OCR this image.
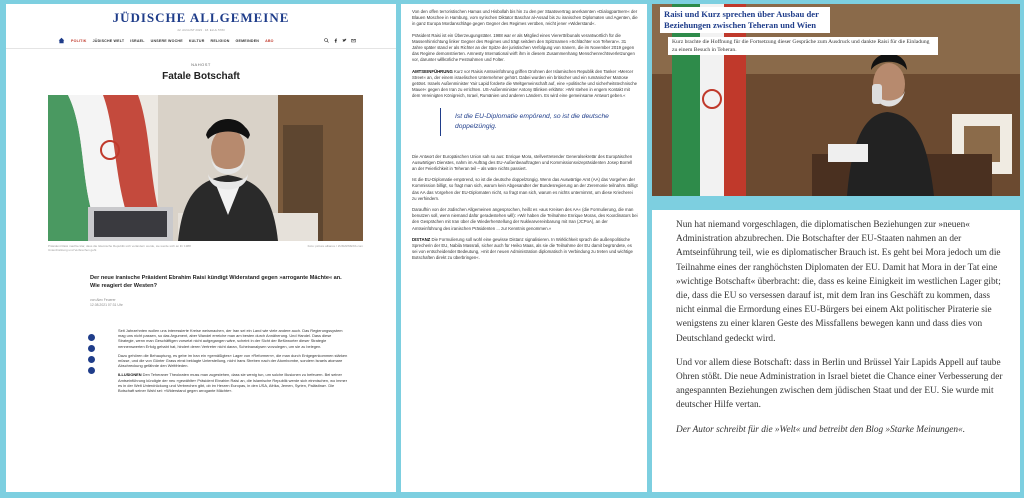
JÜDISCHE ALLGEMEINE
22. AUGUST 2023 · 18. ELUL 5783
POLITIK JÜDISCHE WELT ISRAEL UNSERE WOCHE KULTUR RELIGION GEMEINDEN ABO
NAHOST
Fatale Botschaft
Präsident Raisi machte klar, dass die Islamische Republik sich verändern werde, sie werde sich an ihr 1988 Unterdrückung und Verbrechen geht
Foto: picture alliance / ZUMAPRESS.com
Der neue iranische Präsident Ebrahim Raisi kündigt Widerstand gegen »arrogante Mächte« an. Wie reagiert der Westen?
von Alex Feuerer
12.08.2021 07:31 Uhr

Seit Jahrzehnten wollen uns interessierte Kreise weismachen, der Iran sei ein Land wie viele andere auch. Das Regierungssystem mag uns nicht passen, so das Argument, aber Wandel erreiche man am besten durch Annäherung. Und Handel. Dass diese Strategie, wenn man Geschäftigen vorsetzt nicht aufgegangen wäre, scheint in der Sicht der Befürworter dieser Strategie nennenswerten Erfolg gehabt hat, hindert deren Vertreter nicht daran, Scheinanalysen vorzulegen, um sie zu belegen.

Dazu gehören die Behauptung, es gebe im Iran ein »gemäßigtes« Lager von »Reformern«, die man durch Entgegenkommen stärken müsse, und die von Günter Grass einst beklagte Unterstellung, nicht Irans Streben nach der Atombombe, sondern Israels atomare Abschreckung gefährde den Weltfrieden.

ILLUSIONEN Den Teheraner Theokraten muss man zugestehen, dass sie wenig tun, um solche Illusionen zu befeuern. Bei seiner Amtseinführung kündigte der neu »gewählte« Präsident Ebrahim Raisi an, die Islamische Republik werde sich einmischen, wo immer es in der Welt Unterdrückung und Verbrechen gibt, ob im Herzen Europas, in den USA, Afrika, Jemen, Syrien, Palästina«. Die Botschaft seiner Wahl sei: »Widerstand gegen arrogante Mächte«.

Von den offen terroristischen Hamas und Hisbollah bis hin zu den per Staatsvertrag anerkannten »Dialogpartnern« der Blauen Moschee in Hamburg, vom syrischen Diktator Baschar al-Assad bis zu iranischen Diplomaten und Agenten, die in ganz Europa Mordanschläge gegen Gegner des Regimes verüben, reicht jener »Widerstand«.

Präsident Raisi ist ein Überzeugungstäter. 1988 war er als Mitglied eines Viererttribunals verantwortlich für die Massenhinrichtung linker Gegner des Regimes und trägt seitdem den Spitznamen »Schlächter von Teheran«. 31 Jahre später stand er als Richter an der Spitze der juristischen Verfolgung von Iranern, die im November 2019 gegen das Regime demonstrierten. Amnesty International wirft ihm in diesem Zusammenhang Menschenrechtsverletzungen vor, darunter willkürliche Festnahmen und Folter.

AMTSEINFÜHRUNG Kurz vor Raisis Amtseinführung griffen Drohnen der Islamischen Republik den Tanker »Mercer Street« an, der einem israelischen Unternehmer gehört. Dabei wurden ein britischer und ein rumänischer Matrose getötet. Israels Außenminister Yair Lapid forderte die Weltgemeinschaft auf, eine »politische und sicherheitstechnische Mauer« gegen den Iran zu errichten. US-Außenminister Antony Blinken erklärte: »Wir stehen in engem Kontakt mit dem Vereinigten Königreich, Israel, Rumänien und anderen Ländern. Es wird eine gemeinsame Antwort geben.«

Ist die EU-Diplomatie empörend, so ist die deutsche doppelzüngig.

Die Antwort der Europäischen Union sah so aus: Enrique Mora, stellvertretender Generalsekretär des Europäischen Auswärtigen Dienstes, nahm im Auftrag des EU-Außenbeauftragten und Kommissionsvizepräsidenten Josep Borrell an der Feierlichkeit in Teheran teil – als wäre nichts passiert.

Ist die EU-Diplomatie empörend, so ist die deutsche doppelzüngig. Wenn das Auswärtige Amt (AA) das Vorgehen der Kommission billigt, so fragt man sich, warum kein Abgesandter der Bundesregierung an der Zeremonie teilnahm. Billigt das AA das Vorgehen der EU-Diplomaten nicht, so fragt man sich, warum es nichts unternimmt, um diese Kriecherei zu verhindern.

Daraufhin von der Jüdischen Allgemeinen angesprochen, heißt es »aus Kreisen des AA« (die Formulierung, die man benutzen soll, wenn niemand dafür geradestehen will): »Wir haben die Teilnahme Enrique Moras, des Koordinators bei den Gesprächen mit Iran über die Wiederherstellung der Nuklearvereinbarung mit Iran (JCPoA), an der Amtseinführung des iranischen Präsidenten ... zur Kenntnis genommen.«

DISTANZ Die Formulierung soll wohl eine gewisse Distanz signalisieren. In Wirklichkeit sprach die außenpolitische Sprecherin der EU, Nabila Massrali, sicher auch für Heiko Maas, als sie die Teilnahme der EU damit begründete, es sei von entscheidender Bedeutung, »mit der neuen Administration diplomatisch in Verbindung zu treten und wichtige Botschaften direkt zu überbringen«.

Raisi und Kurz sprechen über Ausbau der Beziehungen zwischen Teheran und Wien
Kurz brachte die Hoffnung für die Fortsetzung dieser Gespräche zum Ausdruck und dankte Raisi für die Einladung zu einem Besuch in Teheran.

Nun hat niemand vorgeschlagen, die diplomatischen Beziehungen zur »neuen« Administration abzubrechen. Die Botschafter der EU-Staaten nahmen an der Amtseinführung teil, wie es diplomatischer Brauch ist. Es geht bei Mora jedoch um die Teilnahme eines der ranghöchsten Diplomaten der EU. Damit hat Mora in der Tat eine »wichtige Botschaft« überbracht: die, dass es keine Einigkeit im westlichen Lager gibt; die, dass die EU so versessen darauf ist, mit dem Iran ins Geschäft zu kommen, dass nicht einmal die Ermordung eines EU-Bürgers bei einem Akt politischer Piraterie sie wenigstens zu einer klaren Geste des Missfallens bewegen kann und dass dies von Deutschland gedeckt wird.

Und vor allem diese Botschaft: dass in Berlin und Brüssel Yair Lapids Appell auf taube Ohren stößt. Die neue Administration in Israel bietet die Chance einer Verbesserung der angespannten Beziehungen zwischen dem jüdischen Staat und der EU. Sie wurde mit deutscher Hilfe vertan.

Der Autor schreibt für die »Welt« und betreibt den Blog »Starke Meinungen«.
